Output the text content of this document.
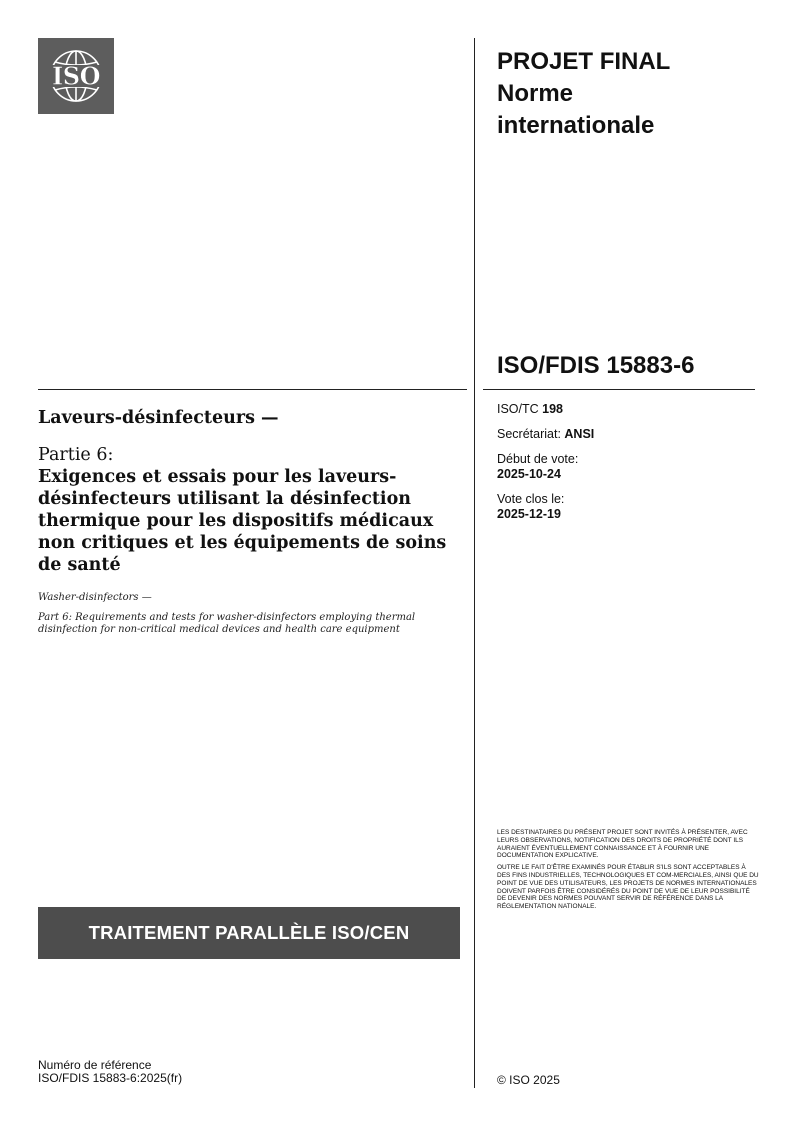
ISO	PROJET FINAL
Norme
internationale
ISO/FDIS 15883-6
ISO/TC 198
Secrétariat: ANSI
Début de vote:
2025-10-24
Vote clos le:
2025-12-19

Laveurs-désinfecteurs —

Partie 6:

Exigences et essais pour les laveurs-désinfecteurs utilisant la désinfection thermique pour les dispositifs médicaux non critiques et les équipements de soins de santé

Washer-disinfectors —

Part 6: Requirements and tests for washer-disinfectors employing thermal disinfection for non-critical medical devices and health care equipment

LES DESTINATAIRES DU PRÉSENT PROJET SONT INVITÉS À PRÉSENTER, AVEC LEURS OBSERVATIONS, NOTIFICATION DES DROITS DE PROPRIÉTÉ DONT ILS AURAIENT ÉVENTUELLEMENT CONNAISSANCE ET À FOURNIR UNE DOCUMENTATION EXPLICATIVE.

OUTRE LE FAIT D'ÊTRE EXAMINÉS POUR ÉTABLIR S'ILS SONT ACCEPTABLES À DES FINS INDUSTRIELLES, TECHNOLOGIQUES ET COM-MERCIALES, AINSI QUE DU POINT DE VUE DES UTILISATEURS, LES PROJETS DE NORMES INTERNATIONALES DOIVENT PARFOIS ÊTRE CONSIDÉRÉS DU POINT DE VUE DE LEUR POSSIBILITÉ DE DEVENIR DES NORMES POUVANT SERVIR DE RÉFÉRENCE DANS LA RÉGLEMENTATION NATIONALE.

TRAITEMENT PARALLÈLE ISO/CEN
Numéro de référence
ISO/FDIS 15883-6:2025(fr)	© ISO 2025
